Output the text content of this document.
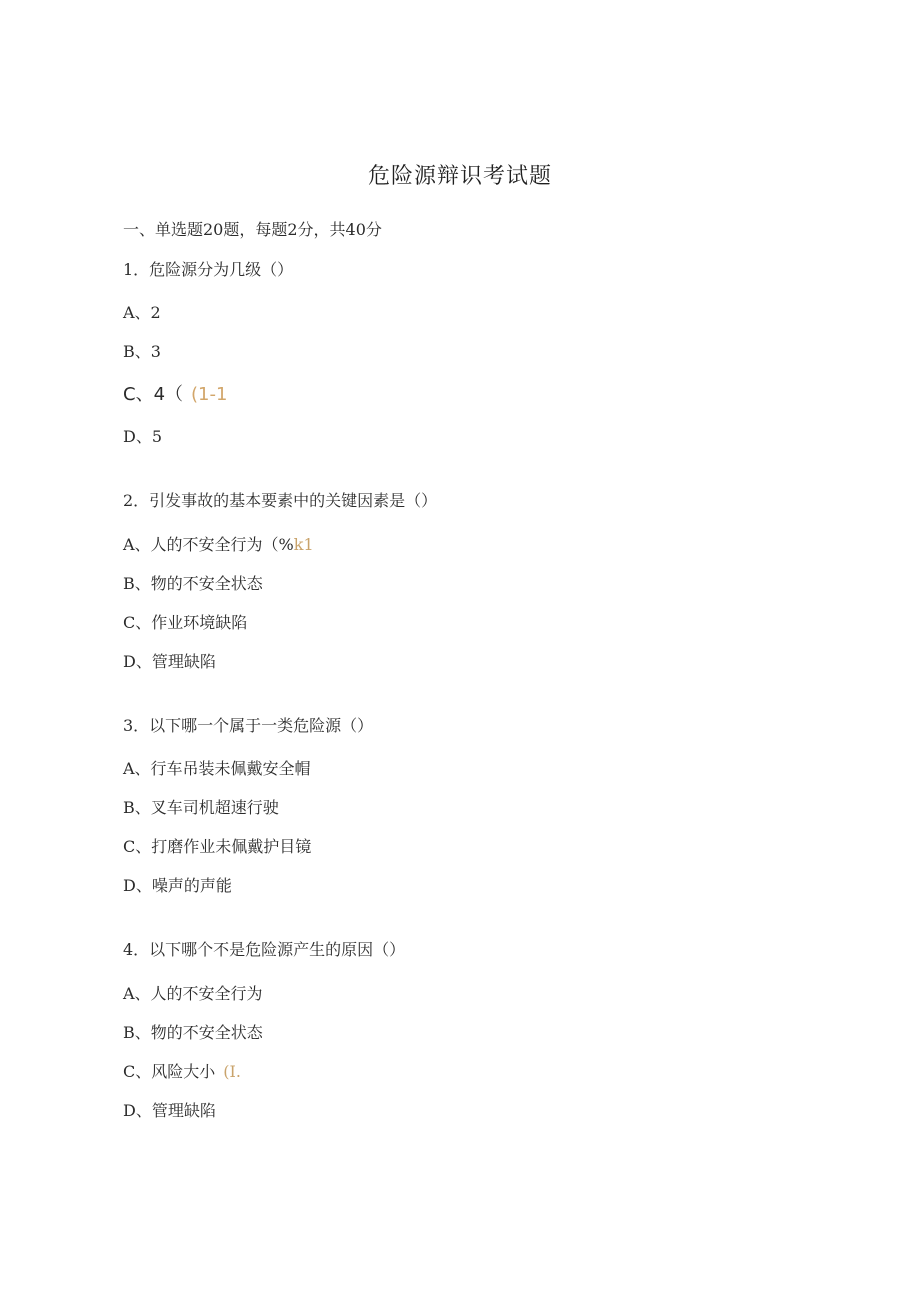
危险源辩识考试题
一、单选题20题，每题2分，共40分
1．危险源分为几级（）
A、2
B、3
C、4（ (1-1
D、5
2．引发事故的基本要素中的关键因素是（）
A、人的不安全行为（%k1
B、物的不安全状态
C、作业环境缺陷
D、管理缺陷
3．以下哪一个属于一类危险源（）
A、行车吊装未佩戴安全帽
B、叉车司机超速行驶
C、打磨作业未佩戴护目镜
D、噪声的声能
4．以下哪个不是危险源产生的原因（）
A、人的不安全行为
B、物的不安全状态
C、风险大小 (I.
D、管理缺陷
